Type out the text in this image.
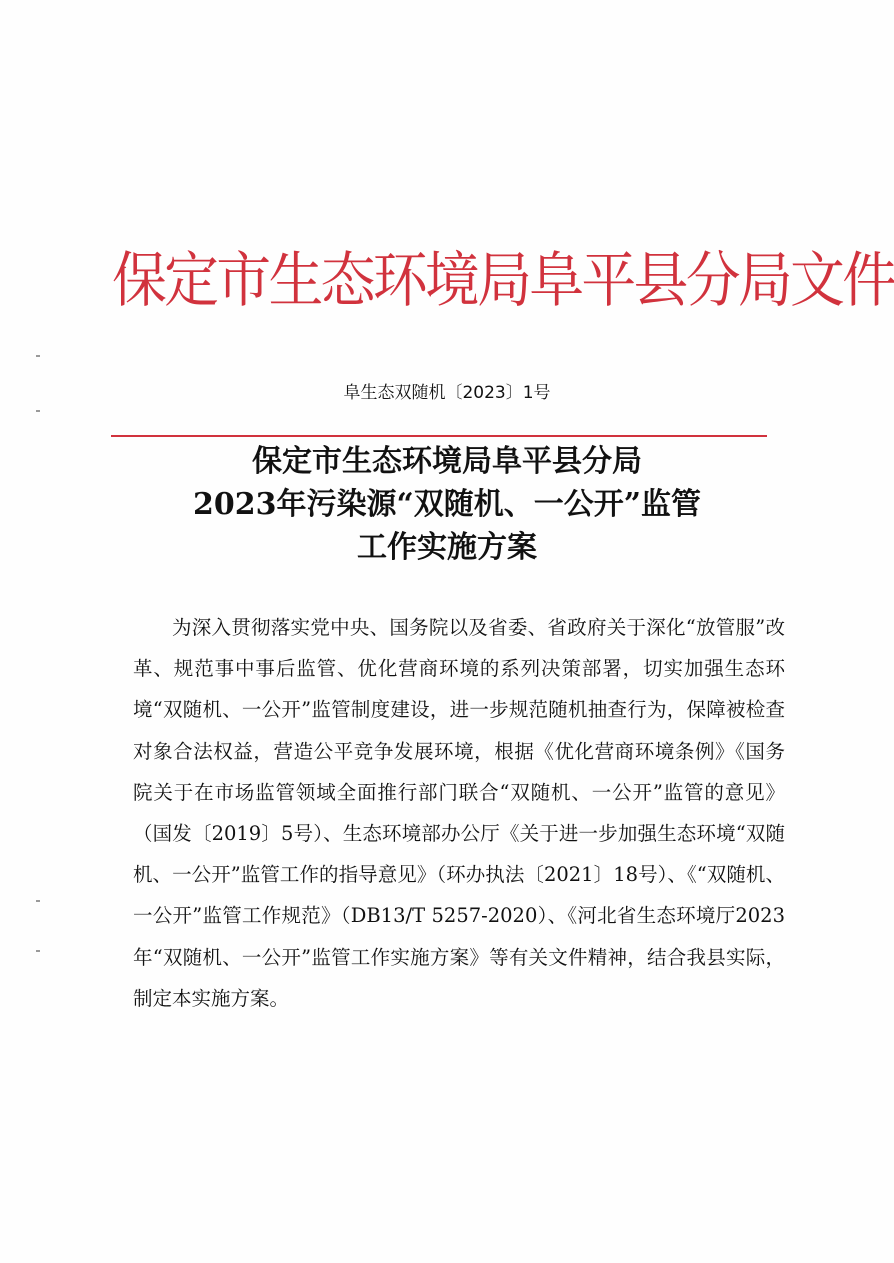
保定市生态环境局阜平县分局文件
阜生态双随机〔2023〕1号
保定市生态环境局阜平县分局
2023年污染源“双随机、一公开”监管
工作实施方案

为深入贯彻落实党中央、国务院以及省委、省政府关于深化“放管服”改革、规范事中事后监管、优化营商环境的系列决策部署，切实加强生态环境“双随机、一公开”监管制度建设，进一步规范随机抽查行为，保障被检查对象合法权益，营造公平竞争发展环境，根据《优化营商环境条例》《国务院关于在市场监管领域全面推行部门联合“双随机、一公开”监管的意见》（国发〔2019〕5号）、生态环境部办公厅《关于进一步加强生态环境“双随机、一公开”监管工作的指导意见》（环办执法〔2021〕18号）、《“双随机、一公开”监管工作规范》（DB13/T 5257-2020）、《河北省生态环境厅2023年“双随机、一公开”监管工作实施方案》等有关文件精神，结合我县实际，制定本实施方案。
